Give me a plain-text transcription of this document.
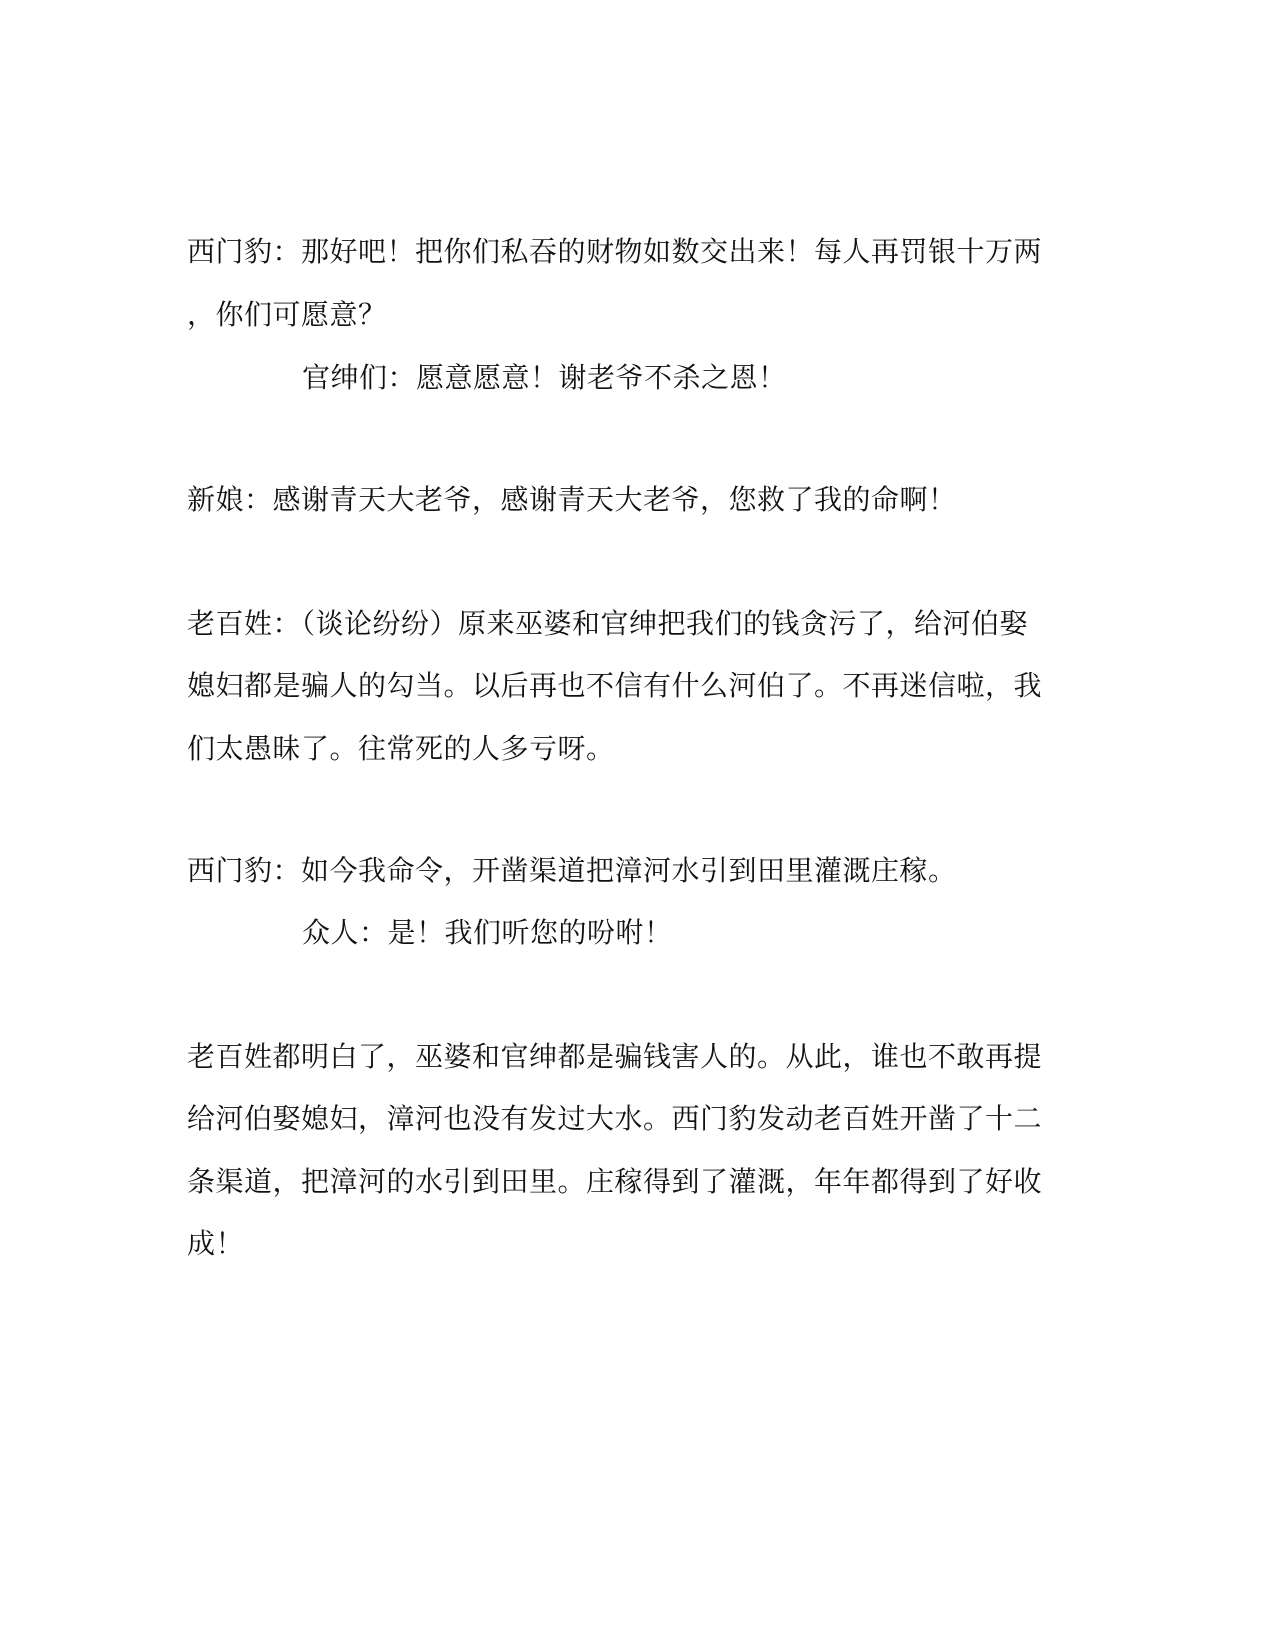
西门豹：那好吧！把你们私吞的财物如数交出来！每人再罚银十万两
，你们可愿意？
官绅们：愿意愿意！谢老爷不杀之恩！
新娘：感谢青天大老爷，感谢青天大老爷，您救了我的命啊！
老百姓：（谈论纷纷）原来巫婆和官绅把我们的钱贪污了，给河伯娶
媳妇都是骗人的勾当。以后再也不信有什么河伯了。不再迷信啦，我
们太愚昧了。往常死的人多亏呀。
西门豹：如今我命令，开凿渠道把漳河水引到田里灌溉庄稼。
众人：是！我们听您的吩咐！
老百姓都明白了，巫婆和官绅都是骗钱害人的。从此，谁也不敢再提
给河伯娶媳妇，漳河也没有发过大水。西门豹发动老百姓开凿了十二
条渠道，把漳河的水引到田里。庄稼得到了灌溉，年年都得到了好收
成！
